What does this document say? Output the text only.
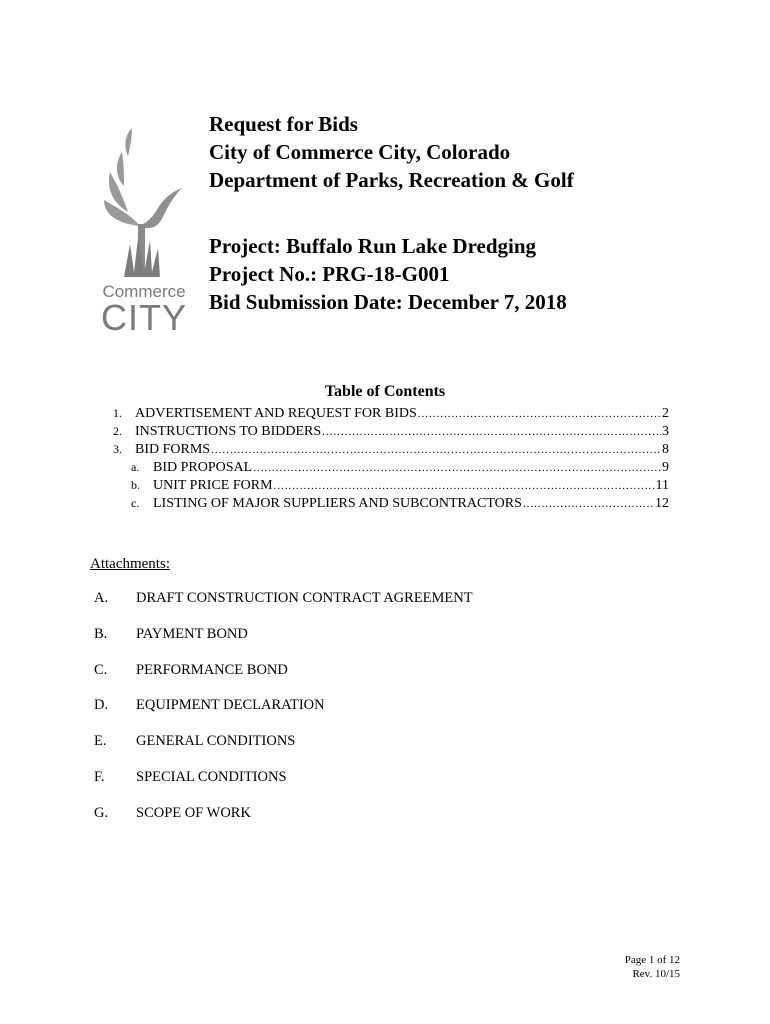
Commerce
CITY
Request for Bids
City of Commerce City, Colorado
Department of Parks, Recreation & Golf
Project: Buffalo Run Lake Dredging
Project No.: PRG-18-G001
Bid Submission Date: December 7, 2018
Table of Contents
1. ADVERTISEMENT AND REQUEST FOR BIDS .....	2
2. INSTRUCTIONS TO BIDDERS .....	3
3. BID FORMS .....	8
a. BID PROPOSAL .....	9
b. UNIT PRICE FORM .....	11
c. LISTING OF MAJOR SUPPLIERS AND SUBCONTRACTORS .....	12
Attachments:
A.	DRAFT CONSTRUCTION CONTRACT AGREEMENT
B.	PAYMENT BOND
C.	PERFORMANCE BOND
D.	EQUIPMENT DECLARATION
E.	GENERAL CONDITIONS
F.	SPECIAL CONDITIONS
G.	SCOPE OF WORK
Page 1 of 12
Rev. 10/15
